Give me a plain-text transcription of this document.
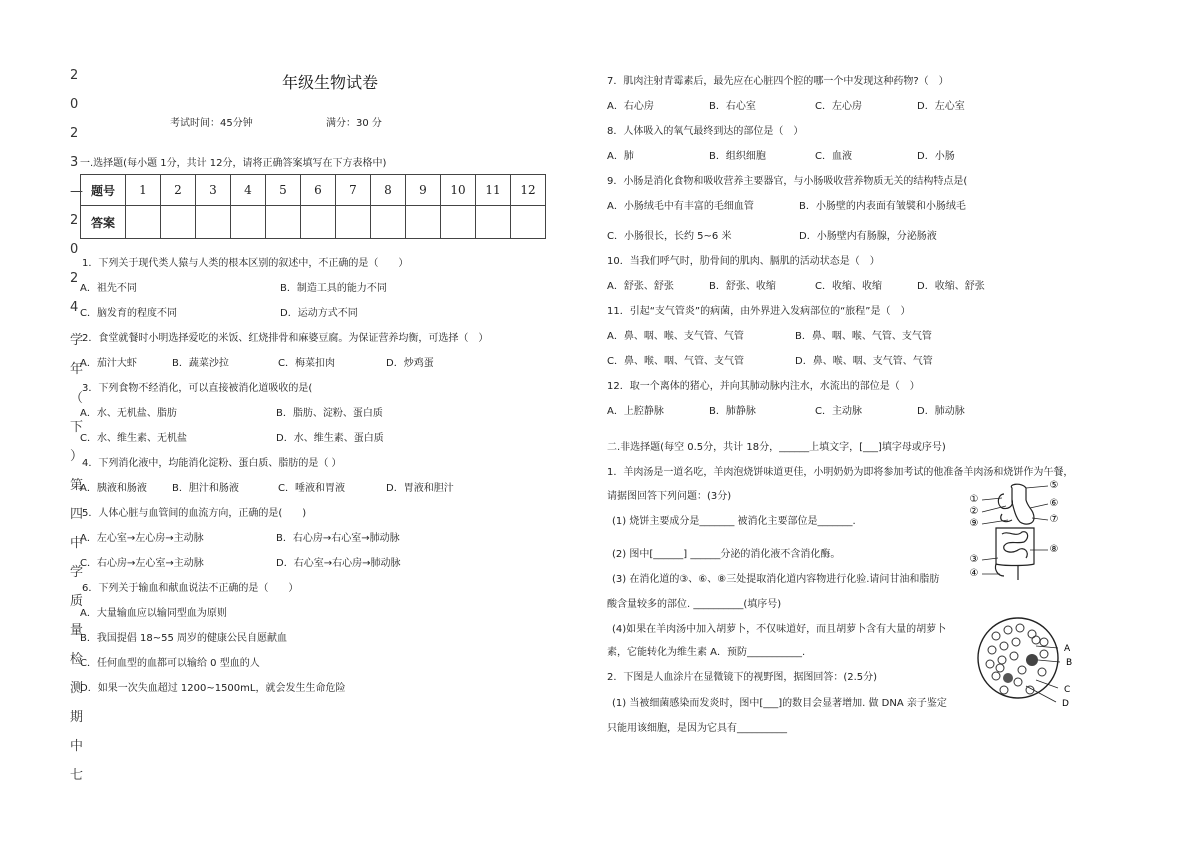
2
0
2
3
—
2
0
2
4
学
年
（
下
）
第
四
中
学
质
量
检
测
期
中
七
年级生物试卷
考试时间：45分钟	满分：30 分
一.选择题(每小题 1分，共计 12分，请将正确答案填写在下方表格中)
题号	1	2	3	4	5	6	7	8	9	10	11	12
答案												
1．下列关于现代类人猿与人类的根本区别的叙述中，不正确的是（　　）
A．祖先不同	B．制造工具的能力不同
C．脑发育的程度不同	D．运动方式不同
2．食堂就餐时小明选择爱吃的米饭、红烧排骨和麻婆豆腐。为保证营养均衡，可选择（　）
A．茄汁大虾	B．蔬菜沙拉	C．梅菜扣肉	D．炒鸡蛋
3．下列食物不经消化，可以直接被消化道吸收的是(
A．水、无机盐、脂肪	B．脂肪、淀粉、蛋白质
C．水、维生素、无机盐	D．水、维生素、蛋白质
4．下列消化液中，均能消化淀粉、蛋白质、脂肪的是（ ）
A．胰液和肠液	B．胆汁和肠液	C．唾液和胃液	D．胃液和胆汁
5．人体心脏与血管间的血流方向，正确的是(　　)
A．左心室→左心房→主动脉	B．右心房→右心室→肺动脉
C．右心房→左心室→主动脉	D．右心室→右心房→肺动脉
6．下列关于输血和献血说法不正确的是（　　）
A．大量输血应以输同型血为原则
B．我国提倡 18~55 周岁的健康公民自愿献血
C．任何血型的血都可以输给 0 型血的人
D．如果一次失血超过 1200~1500mL，就会发生生命危险
7．肌肉注射青霉素后，最先应在心脏四个腔的哪一个中发现这种药物?（　）
A．右心房	B．右心室	C．左心房	D．左心室
8．人体吸入的氧气最终到达的部位是（　）
A．肺	B．组织细胞	C．血液	D．小肠
9．小肠是消化食物和吸收营养主要器官，与小肠吸收营养物质无关的结构特点是(
A．小肠绒毛中有丰富的毛细血管	B．小肠壁的内表面有皱襞和小肠绒毛
C．小肠很长，长约 5~6 米	D．小肠壁内有肠腺，分泌肠液
10．当我们呼气时，肋骨间的肌肉、膈肌的活动状态是（　）
A．舒张、舒张	B．舒张、收缩	C．收缩、收缩	D．收缩、舒张
11．引起“支气管炎”的病菌，由外界进入发病部位的“旅程”是（　）
A．鼻、咽、喉、支气管、气管	B．鼻、咽、喉、气管、支气管
C．鼻、喉、咽、气管、支气管	D．鼻、喉、咽、支气管、气管
12．取一个离体的猪心，并向其肺动脉内注水，水流出的部位是（　）
A．上腔静脉	B．肺静脉	C．主动脉	D．肺动脉
二.非选择题(每空 0.5分，共计 18分，______上填文字，[___]填字母或序号)
1．羊肉汤是一道名吃，羊肉泡烧饼味道更佳，小明奶奶为即将参加考试的他准备羊肉汤和烧饼作为午餐，
请据图回答下列问题：(3分)
(1) 烧饼主要成分是_______ 被消化主要部位是_______.
(2) 图中[______] ______分泌的消化液不含消化酶。
(3) 在消化道的③、⑥、⑧三处提取消化道内容物进行化验.请问甘油和脂肪
酸含量较多的部位. __________(填序号)
(4)如果在羊肉汤中加入胡萝卜，不仅味道好，而且胡萝卜含有大量的胡萝卜
素，它能转化为维生素 A．预防___________.
2．下图是人血涂片在显微镜下的视野图，据图回答：(2.5分)
(1) 当被细菌感染而发炎时，图中[___]的数目会显著增加. 做 DNA 亲子鉴定
只能用该细胞，是因为它具有__________
①
②
⑨
③
④
⑤
⑥
⑦
⑧
A
B
C
D
